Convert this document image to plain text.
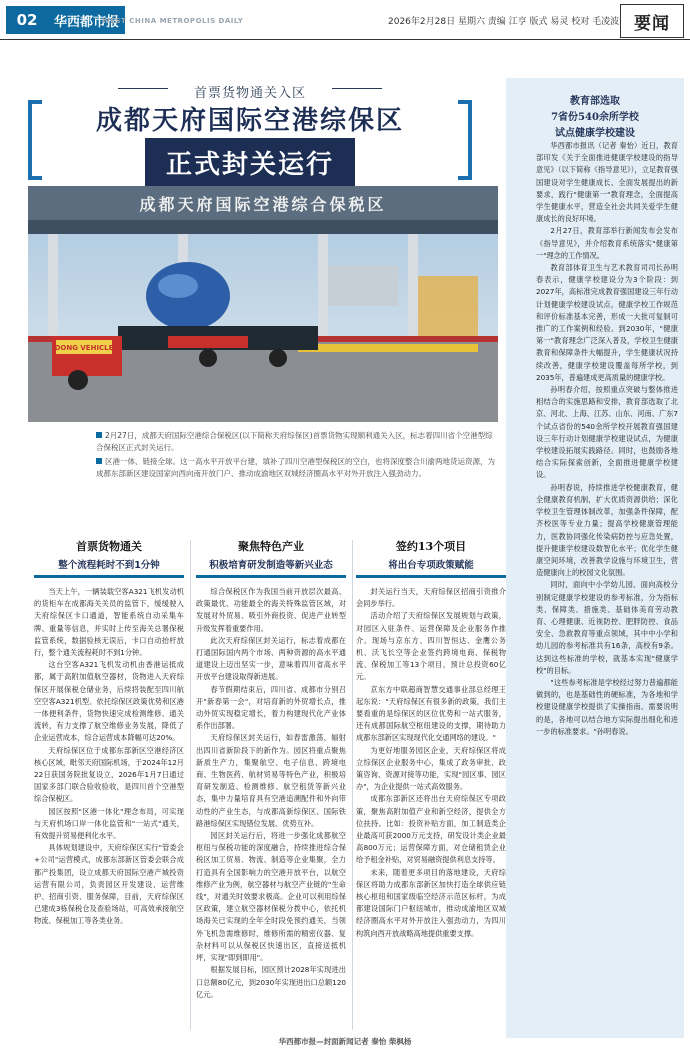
02	华西都市报
WEST CHINA METROPOLIS DAILY	2026年2月28日 星期六 责编 江亨 版式 易灵 校对 毛凌波 要闻
首票货物通关入区
成都天府国际空港综保区
正式封关运行
成都天府国际空港综合保税区
DONG VEHICLE

2月27日，成都天府国际空港综合保税区(以下简称天府综保区)首票货物实现顺利通关入区，标志着四川省个空港型综合保税区正式封关运行。

区港一体、链接全球。这一高水平开放平台建，填补了四川空港型保税区的空白，也将深度整合川渝两地货运资源，为成都东部新区建设国家向西向南开放门户、推动成渝地区双城经济圈高水平对外开放注入强劲动力。

首票货物通关
整个流程耗时不到1分钟

当天上午，一辆装载空客A321飞机发动机的货柜车在成都海关关员的监管下，缓缓驶入天府综保区卡口通道，智能系统自动采集车牌、重量等信息，并实时上传至海关总署保税监管系统，数据验核无误后，卡口自动抬杆放行，整个通关流程耗时不到1分钟。

这台空客A321飞机发动机由香港运抵成都，属于高附加值航空器材，货物进入天府综保区开展保税仓储业务，后续将装配至四川航空空客A321机型。依托综保区政策优势和区港一体便利条件，货物快速完成检测维修、通关流转，有力支撑了航空维修业务发展，降低了企业运营成本，综合运营成本降幅可达20%。

天府综保区位于成都东部新区空港经济区核心区域，毗邻天府国际机场，于2024年12月22日获国务院批复设立，2026年1月7日通过国家多部门联合验收验收，是四川首个空港型综合保税区。

园区按照"区港一体化"理念布局，可实现与天府机场口岸一体化监管和"一站式"通关，有效提升贸易便利化水平。

具体规划建设中，天府综保区实行"管委会+公司"运营模式，成都东部新区管委会联合成都产投集团，设立成都天府国际空港产城投资运营有限公司，负责园区开发建设、运营维护、招商引资、服务保障，目前，天府综保区已建成3栋保税仓及查验场站，可高效承接航空物流、保税加工等各类业务。

聚焦特色产业
积极培育研发制造等新兴业态

综合保税区作为我国当前开放层次最高、政策最优、功能最全的海关特殊监管区域，对发展对外贸易、吸引外商投资、促进产业转型升级发挥着重要作用。

此次天府综保区封关运行，标志着成都在打通国际国内两个市场、两种资源的高水平通道建设上迈出坚实一步，意味着四川省高水平开放平台建设取得新进展。

春节假期结束后，四川省、成都市分别召开"新春第一会"，对培育新的外贸增长点，推动外贸实现稳定增长，着力构建现代化产业体系作出部署。

天府综保区封关运行，如春雷激荡，辐射出四川省新阶段下的新作为。园区将重点聚焦新质生产力，集聚航空、电子信息、跨境电商、生物医药、航材贸易等特色产业，积极培育研发制造、检测维修、航空租赁等新兴业态，集中力量培育具有空港追溯配件和外向带动性的产业生态，与成都高新综保区、国际铁路港综保区实现错位发展、优势互补。

园区封关运行后，将进一步强化成都航空枢纽与保税功能的深度融合，持续推进综合保税区加工贸易、物流、制造等企业集聚，全力打造具有全国影响力的空港开放平台，以航空维修产业为例，航空器材与航空产业链的"生命线"，对通关时效要求极高。企业可以利用综保区政策，建立航空器材保税分拨中心，依托机场海关已实现的全年全时段免预约通关，当领外飞机急需维修时，维修所需的精密仪器、复杂材料可以从保税区快速出区，直接送抵机坪，实现"即到即用"。

根据发展目标，园区预计2028年实现进出口总额80亿元，到2030年实现进出口总额120亿元。

签约13个项目
将出台专项政策赋能

封关运行当天，天府综保区招商引资推介会同步举行。

活动介绍了天府综保区发展规划与政策，对园区入驻条件、运营保障及企业服务作推介。现场与京东方、四川智恒达、金鹰公务机、沃飞长空等企业签约跨境电商、保税物流、保税加工等13个项目，预计总投资60亿元。

京东方中联超商智慧交通事业部总经理王起东说："天府综保区有很多新的政策，我们主要看重的是综保区的区位优势和一站式服务，还有成都国际航空枢纽建设的支撑，期待助力成都东部新区实现现代化交通网络的建设。"

为更好地服务园区企业，天府综保区将成立综保区企业服务中心，集成了政务审批、政策咨询、资源对接等功能，实现"园区事、园区办"，为企业提供一站式高效服务。

成都东部新区还将出台天府综保区专项政策，聚焦高附加值产业和新空经济，提供全方位扶持。比如：投资补贴方面，加工制造类企业最高可获2000万元支持，研发设计类企业最高800万元；运营保障方面，对仓储租赁企业给予租金补贴，对贸易融资提供利息支持等。

未来，随着更多项目的落地建设，天府综保区将助力成都东部新区加快打造全球供应链核心枢纽和国家级临空经济示范区标杆，为成都建设国际门户枢纽城市，推动成渝地区双城经济圈高水平对外开放注入强劲动力，为四川构筑向西开放战略高地提供重要支撑。

教育部选取
7省份540余所学校
试点健康学校建设

华西都市报讯（记者 秦怡）近日，教育部印发《关于全面推进健康学校建设的指导意见》（以下简称《指导意见》），立足教育强国建设对学生健康成长、全面发展提出的新要求，践行"健康第一"教育理念，全面提高学生健康水平，营造全社会共同关爱学生健康成长的良好环境。

2月27日，教育部举行新闻发布会发布《指导意见》，并介绍教育系统落实"健康第一"理念的工作情况。

教育部体育卫生与艺术教育司司长孙明春表示，健康学校建设分为3个阶段：到2027年，高标准完成教育强国建设三年行动计划健康学校建设试点，健康学校工作规范和评价标准基本完善，形成一大批可复制可推广的工作案例和经验。到2030年，"健康第一"教育理念广泛深入普及，学校卫生健康教育和保障条件大幅提升，学生健康状况持续改善，健康学校建设覆盖每所学校，到2035年，普遍建成更高质量的健康学校。

孙明春介绍，按照重点突破与整体推进相结合的实施思路和安排，教育部选取了北京、河北、上海、江苏、山东、河南、广东7个试点省份的540余所学校开展教育强国建设三年行动计划健康学校建设试点，为健康学校建设拓展实践路径。同时，也鼓励各地结合实际探索创新，全面推进健康学校建设。

孙明春说，持续推进学校健康教育，健全健康教育机制，扩大优质资源供给；深化学校卫生管理体制改革，加强条件保障，配齐校医等专业力量；提高学校健康管理能力，医教协同强化传染病防控与应急处置，提升健康学校建设数智化水平；优化学生健康空间环境，改善教学设施与环境卫生，营造健康向上的校园文化氛围。

同时，面向中小学幼儿园、面向高校分别制定健康学校建设的参考标准，分为指标类、保障类、措施类、基础体美育劳动教育、心理健康、近视防控、肥胖防控、食品安全、急救教育等重点领域，其中中小学和幼儿园的参考标准共有16条，高校有9条。达到这些标准的学校，就基本实现"健康学校"的目标。

"这些参考标准是学校经过努力普遍都能做到的，也是基础性的硬标准，为各地和学校建设健康学校提供了实操指南。需要说明的是，各地可以结合地方实际提出细化和进一步的标准要求。"孙明春说。

华西都市报—封面新闻记者 秦怡 柴枫杨
